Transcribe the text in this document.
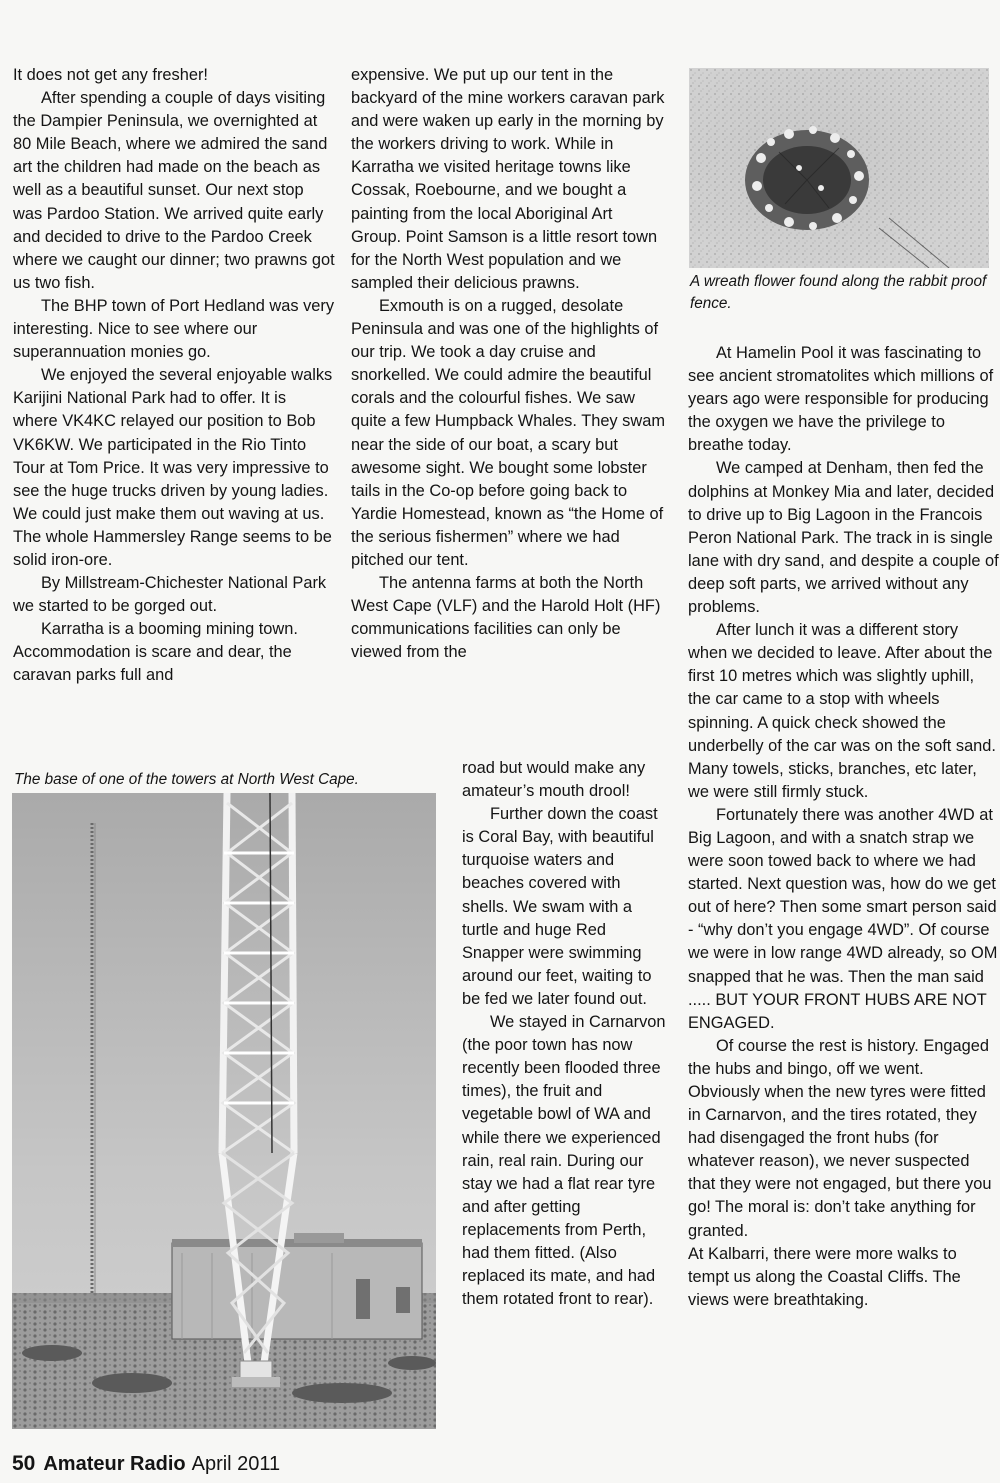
It does not get any fresher!

After spending a couple of days visiting the Dampier Peninsula, we overnighted at 80 Mile Beach, where we admired the sand art the children had made on the beach as well as a beautiful sunset. Our next stop was Pardoo Station. We arrived quite early and decided to drive to the Pardoo Creek where we caught our dinner; two prawns got us two fish.

The BHP town of Port Hedland was very interesting. Nice to see where our superannuation monies go.

We enjoyed the several enjoyable walks Karijini National Park had to offer. It is where VK4KC relayed our position to Bob VK6KW. We participated in the Rio Tinto Tour at Tom Price. It was very impressive to see the huge trucks driven by young ladies. We could just make them out waving at us. The whole Hammersley Range seems to be solid iron-ore.

By Millstream-Chichester National Park we started to be gorged out.

Karratha is a booming mining town. Accommodation is scare and dear, the caravan parks full and

expensive. We put up our tent in the backyard of the mine workers caravan park and were waken up early in the morning by the workers driving to work. While in Karratha we visited heritage towns like Cossak, Roebourne, and we bought a painting from the local Aboriginal Art Group. Point Samson is a little resort town for the North West population and we sampled their delicious prawns.

Exmouth is on a rugged, desolate Peninsula and was one of the highlights of our trip. We took a day cruise and snorkelled. We could admire the beautiful corals and the colourful fishes. We saw quite a few Humpback Whales. They swam near the side of our boat, a scary but awesome sight. We bought some lobster tails in the Co-op before going back to Yardie Homestead, known as “the Home of the serious fishermen” where we had pitched our tent.

The antenna farms at both the North West Cape (VLF) and the Harold Holt (HF) communications facilities can only be viewed from the

road but would make any amateur’s mouth drool!

Further down the coast is Coral Bay, with beautiful turquoise waters and beaches covered with shells. We swam with a turtle and huge Red Snapper were swimming around our feet, waiting to be fed we later found out.

We stayed in Carnarvon (the poor town has now recently been flooded three times), the fruit and vegetable bowl of WA and while there we experienced rain, real rain. During our stay we had a flat rear tyre and after getting replacements from Perth, had them fitted. (Also replaced its mate, and had them rotated front to rear).

At Hamelin Pool it was fascinating to see ancient stromatolites which millions of years ago were responsible for producing the oxygen we have the privilege to breathe today.

We camped at Denham, then fed the dolphins at Monkey Mia and later, decided to drive up to Big Lagoon in the Francois Peron National Park. The track in is single lane with dry sand, and despite a couple of deep soft parts, we arrived without any problems.

After lunch it was a different story when we decided to leave. After about the first 10 metres which was slightly uphill, the car came to a stop with wheels spinning. A quick check showed the underbelly of the car was on the soft sand. Many towels, sticks, branches, etc later, we were still firmly stuck.

Fortunately there was another 4WD at Big Lagoon, and with a snatch strap we were soon towed back to where we had started. Next question was, how do we get out of here? Then some smart person said - “why don’t you engage 4WD”. Of course we were in low range 4WD already, so OM snapped that he was. Then the man said ..... BUT YOUR FRONT HUBS ARE NOT ENGAGED.

Of course the rest is history. Engaged the hubs and bingo, off we went. Obviously when the new tyres were fitted in Carnarvon, and the tires rotated, they had disengaged the front hubs (for whatever reason), we never suspected that they were not engaged, but there you go! The moral is: don’t take anything for granted.

At Kalbarri, there were more walks to tempt us along the Coastal Cliffs. The views were breathtaking.

A wreath flower found along the rabbit proof fence.
The base of one of the towers at North West Cape.
50 Amateur Radio April 2011
